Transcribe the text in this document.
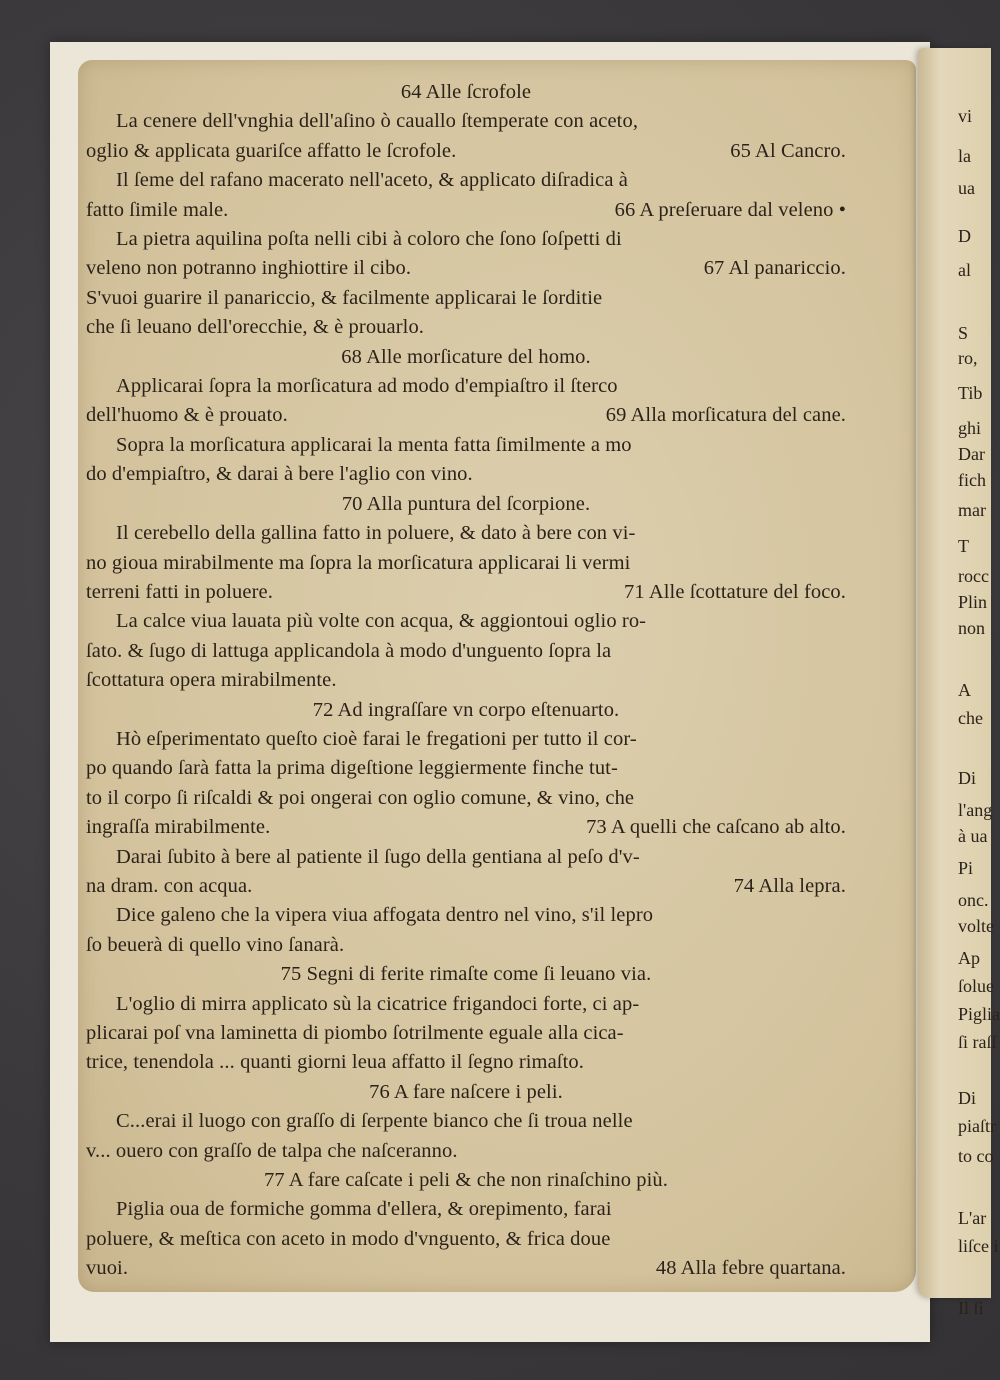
64 Alle ſcrofole
La cenere dell'vnghia dell'aſino ò cauallo ſtemperate con aceto,
oglio & applicata guariſce affatto le ſcrofole.	65 Al Cancro.
Il ſeme del rafano macerato nell'aceto, & applicato diſradica à
fatto ſimile male.	66 A preſeruare dal veleno •
La pietra aquilina poſta nelli cibi à coloro che ſono ſoſpetti di
veleno non potranno inghiottire il cibo.	67 Al panariccio.
S'vuoi guarire il panariccio, & facilmente applicarai le ſorditie
che ſi leuano dell'orecchie, & è prouarlo.
68 Alle morſicature del homo.
Applicarai ſopra la morſicatura ad modo d'empiaſtro il ſterco
dell'huomo & è prouato.	69 Alla morſicatura del cane.
Sopra la morſicatura applicarai la menta fatta ſimilmente a mo
do d'empiaſtro, & darai à bere l'aglio con vino.
70 Alla puntura del ſcorpione.
Il cerebello della gallina fatto in poluere, & dato à bere con vi-
no gioua mirabilmente ma ſopra la morſicatura applicarai li vermi
terreni fatti in poluere.	71 Alle ſcottature del foco.
La calce viua lauata più volte con acqua, & aggiontoui oglio ro-
ſato. & ſugo di lattuga applicandola à modo d'unguento ſopra la
ſcottatura opera mirabilmente.
72 Ad ingraſſare vn corpo eſtenuarto.
Hò eſperimentato queſto cioè farai le fregationi per tutto il cor-
po quando ſarà fatta la prima digeſtione leggiermente finche tut-
to il corpo ſi riſcaldi & poi ongerai con oglio comune, & vino, che
ingraſſa mirabilmente.	73 A quelli che caſcano ab alto.
Darai ſubito à bere al patiente il ſugo della gentiana al peſo d'v-
na dram. con acqua.	74 Alla lepra.
Dice galeno che la vipera viua affogata dentro nel vino, s'il lepro
ſo beuerà di quello vino ſanarà.
75 Segni di ferite rimaſte come ſi leuano via.
L'oglio di mirra applicato sù la cicatrice frigandoci forte, ci ap-
plicarai poſ vna laminetta di piombo ſotrilmente eguale alla cica-
trice, tenendola ... quanti giorni leua affatto il ſegno rimaſto.
76 A fare naſcere i peli.
C...erai il luogo con graſſo di ſerpente bianco che ſi troua nelle
v... ouero con graſſo de talpa che naſceranno.
77 A fare caſcate i peli & che non rinaſchino più.
Piglia oua de formiche gomma d'ellera, & orepimento, farai
poluere, & meſtica con aceto in modo d'vnguento, & frica doue
vuoi.	48 Alla febre quartana.
vi
la
ua
D
al
S
ro,
Tib
ghi
Dar
fich
mar
T
rocc
Plin
non
A
che
Di
l'ang
à ua
Pi
onc.
volte
Ap
ſolue
Piglia
ſi raſſ
Di
piaſtr
to co
L'ar
liſce i
Il ſi
